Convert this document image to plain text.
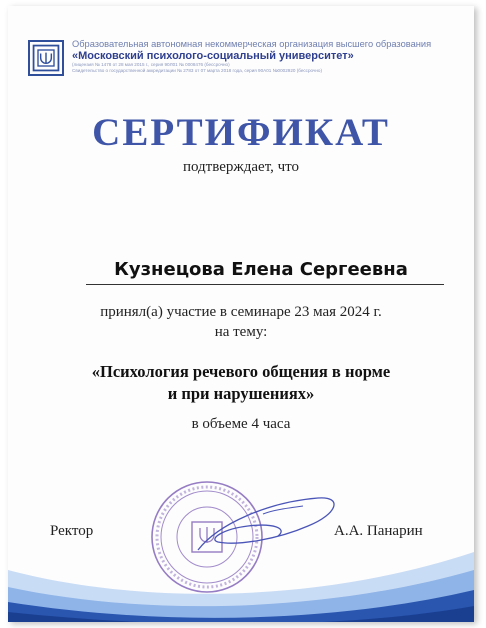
Образовательная автономная некоммерческая организация высшего образования
«Московский психолого-социальный университет»
(лицензия № 1478 от 28 мая 2015 г., серия 90Л01 № 0008476 (бессрочно)
Свидетельство о государственной аккредитации № 2783 от 07 марта 2018 года, серия 90А01 №0002920 (бессрочно)
СЕРТИФИКАТ
подтверждает, что
Кузнецова Елена Сергеевна
принял(а) участие в семинаре 23 мая 2024 г.
на тему:
«Психология речевого общения в норме
и при нарушениях»
в объеме 4 часа
Ректор	А.А. Панарин
